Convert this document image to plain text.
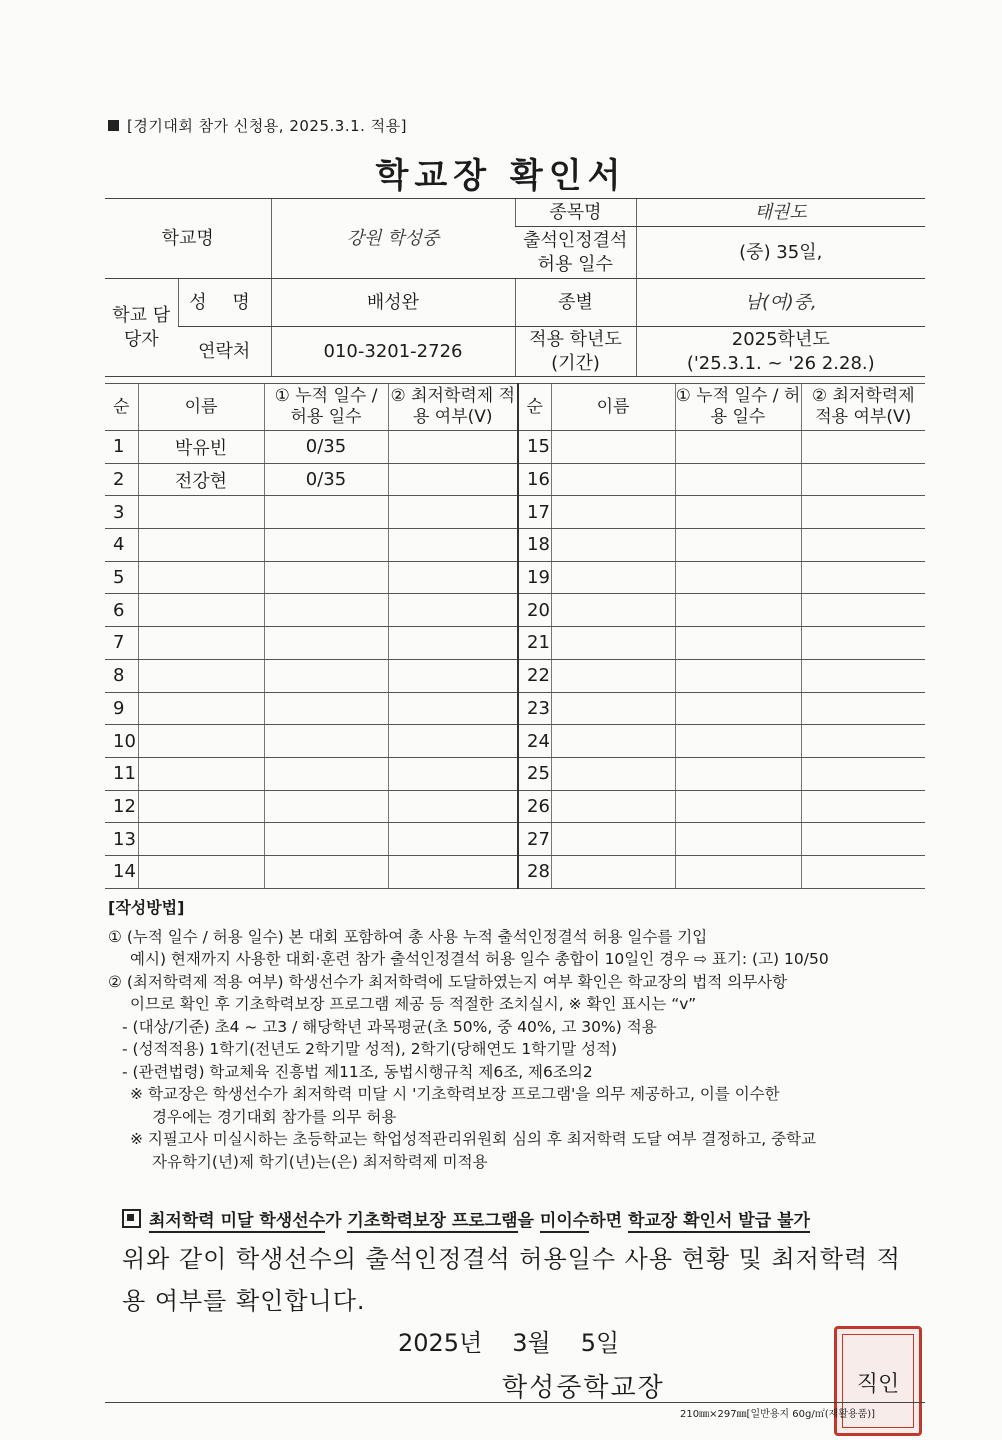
[경기대회 참가 신청용, 2025.3.1. 적용]
학교장 확인서
학교명		강원 학성중	종목명	태권도
			출석인정결석 허용 일수	(중) 35일,
학교 담당자	성 명	배성완	종별	남(여)중,
	연락처	010-3201-2726	적용 학년도 (기간)	2025학년도
('25.3.1. ~ '26 2.28.)
순	이름	① 누적 일수 / 허용 일수	② 최저학력제 적용 여부(V)	순	이름	① 누적 일수 / 허용 일수	② 최저학력제 적용 여부(V)
1	박유빈	0/35		15			
2	전강현	0/35		16			
3				17			
4				18			
5				19			
6				20			
7				21			
8				22			
9				23			
10				24			
11				25			
12				26			
13				27			
14				28			
[작성방법]
① (누적 일수 / 허용 일수) 본 대회 포함하여 총 사용 누적 출석인정결석 허용 일수를 기입
예시) 현재까지 사용한 대회·훈련 참가 출석인정결석 허용 일수 총합이 10일인 경우 ⇨ 표기: (고) 10/50
② (최저학력제 적용 여부) 학생선수가 최저학력에 도달하였는지 여부 확인은 학교장의 법적 의무사항
이므로 확인 후 기초학력보장 프로그램 제공 등 적절한 조치실시, ※ 확인 표시는 “v”
- (대상/기준) 초4 ~ 고3 / 해당학년 과목평균(초 50%, 중 40%, 고 30%) 적용
- (성적적용) 1학기(전년도 2학기말 성적), 2학기(당해연도 1학기말 성적)
- (관련법령) 학교체육 진흥법 제11조, 동법시행규칙 제6조, 제6조의2
※ 학교장은 학생선수가 최저학력 미달 시 '기초학력보장 프로그램'을 의무 제공하고, 이를 이수한
경우에는 경기대회 참가를 의무 허용
※ 지필고사 미실시하는 초등학교는 학업성적관리위원회 심의 후 최저학력 도달 여부 결정하고, 중학교
자유학기(년)제 학기(년)는(은) 최저학력제 미적용
최저학력 미달 학생선수가 기초학력보장 프로그램을 미이수하면 학교장 확인서 발급 불가
위와 같이 학생선수의 출석인정결석 허용일수 사용 현황 및 최저학력 적용 여부를 확인합니다.
2025년 3월 5일
학성중학교장	직인
210㎜×297㎜[일반용지 60g/㎡(재활용품)]
